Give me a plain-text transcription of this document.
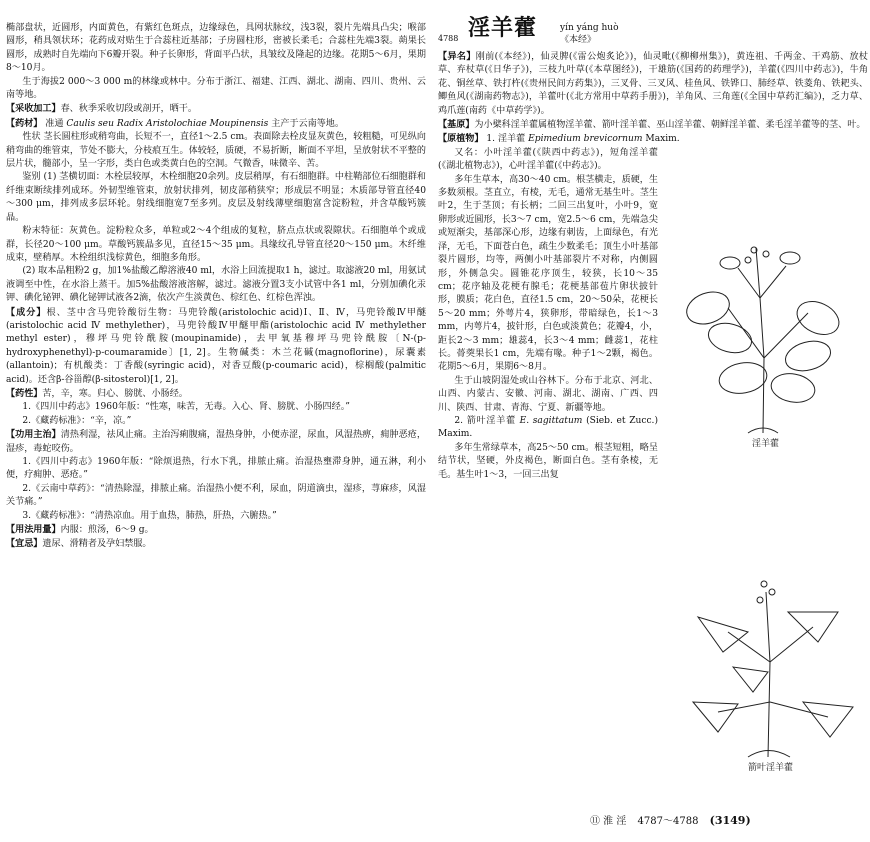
椭部盘状，近圆形，内面黄色，有紫红色斑点，边缘绿色，具网状脉纹，浅3裂，裂片先端具凸尖；喉部圆形，稍具领状环；花药成对贴生于合蕊柱近基部；子房圆柱形，密被长柔毛；合蕊柱先端3裂。蒴果长圆形，成熟时自先端向下6瓣开裂。种子长卵形，背面平凸状，具皱纹及隆起的边缘。花期5～6月，果期8～10月。

生于海拔2 000～3 000 m的林缘或林中。分布于浙江、福建、江西、湖北、湖南、四川、贵州、云南等地。

【采收加工】春、秋季采收切段或剖开，晒干。

【药材】 准通 Caulis seu Radix Aristolochiae Moupinensis 主产于云南等地。

性状 茎长圆柱形或稍弯曲，长短不一，直径1～2.5 cm。表面除去栓皮显灰黄色，较粗糙，可见纵向稍弯曲的维管束，节处不膨大，分枝痕互生。体较轻，质硬，不易折断，断面不平坦，呈放射状不平整的层片状，髓部小，呈一字形，类白色或类黄白色的空洞。气微香，味微辛、苦。

鉴别 (1) 茎横切面：木栓层较厚，木栓细胞20余列。皮层稍厚，有石细胞群。中柱鞘部位石细胞群和纤维束断续排列成环。外韧型维管束，放射状排列，韧皮部稍狭窄；形成层不明显；木质部导管直径40～300 μm，排列成多层环轮。射线细胞宽7至多列。皮层及射线薄壁细胞富含淀粉粒，并含草酸钙簇晶。

粉末特征：灰黄色。淀粉粒众多，单粒或2～4个组成的复粒，脐点点状或裂隙状。石细胞单个或成群，长径20～100 μm。草酸钙簇晶多见，直径15～35 μm。具缘纹孔导管直径20～150 μm。木纤维成束，壁稍厚。木栓组织浅棕黄色，细胞多角形。

(2) 取本品粗粉2 g，加1%盐酸乙醇溶液40 ml，水浴上回流提取1 h，滤过。取滤液20 ml，用氨试液调至中性，在水浴上蒸干。加5%盐酸溶液溶解，滤过。滤液分置3支小试管中各1 ml，分别加碘化汞钾、碘化铋钾、碘化铋钾试液各2滴，依次产生淡黄色、棕红色、红棕色浑浊。

【成分】根、茎中含马兜铃酸衍生物：马兜铃酸(aristolochic acid)Ⅰ、Ⅱ、Ⅳ，马兜铃酸Ⅳ甲醚(aristolochic acid Ⅳ methylether)，马兜铃酸Ⅳ甲醚甲酯(aristolochic acid Ⅳ methylether methyl ester)，穆坪马兜铃酰胺(moupinamide)，去甲氧基穆坪马兜铃酰胺〔N-(p-hydroxyphenethyl)-p-coumaramide〕[1, 2]。生物碱类：木兰花碱(magnoflorine)，尿囊素(allantoin)；有机酸类：丁香酸(syringic acid)，对香豆酸(p-coumaric acid)，棕榈酸(palmitic acid)。还含β-谷甾醇(β-sitosterol)[1, 2]。

【药性】苦，辛，寒。归心、膀胱、小肠经。

1.《四川中药志》1960年版：“性寒，味苦，无毒。入心、肾、膀胱、小肠四经。”

2.《藏药标准》：“辛，凉。”

【功用主治】清热利湿，祛风止痛。主治泻痢腹痛，湿热身肿，小便赤涩，尿血，风湿热痹，痈肿恶疮，湿疹，毒蛇咬伤。

1.《四川中药志》1960年版：“除烦退热，行水下乳，排脓止痛。治湿热壅滞身肿，通五淋，利小便，疗痈肿、恶疮。”

2.《云南中草药》：“清热除湿，排脓止痛。治湿热小便不利，尿血，阴道滴虫，湿疹，荨麻疹，风湿关节痛。”

3.《藏药标准》：“清热凉血。用于血热，肺热，肝热，六腑热。”

【用法用量】内服：煎汤，6～9 g。

【宜忌】遗尿、滑精者及孕妇禁服。

4788 淫羊藿	yín yáng huò
《本经》

【异名】刚前(《本经》)，仙灵脾(《雷公炮炙论》)，仙灵毗(《柳柳州集》)，黄连祖、千两金、干鸡筋、放杖草、弃杖草(《日华子》)，三枝九叶草(《本草图经》)，干雄筋(《国药的药理学》)，羊藿(《四川中药志》)，牛角花、铜丝草、铁打杵(《贵州民间方药集》)，三叉骨、三叉风、桂鱼风、铁铧口、肺经草、铁菱角、铁耙头、鲫鱼风(《湖南药物志》)，羊藿叶(《北方常用中草药手册》)，羊角风、三角莲(《全国中草药汇编》)，乏力草、鸡爪莲(南药《中草药学》)。

【基原】为小檗科淫羊藿属植物淫羊藿、箭叶淫羊藿、巫山淫羊藿、朝鲜淫羊藿、柔毛淫羊藿等的茎、叶。

【原植物】 1. 淫羊藿 Epimedium brevicornum Maxim.

又名：小叶淫羊藿(《陕西中药志》)，短角淫羊藿(《湖北植物志》)，心叶淫羊藿(《中药志》)。

多年生草本，高30～40 cm。根茎横走，质硬，生多数须根。茎直立，有棱，无毛，通常无基生叶。茎生叶2，生于茎顶；有长柄；二回三出复叶，小叶9，宽卵形或近圆形，长3～7 cm，宽2.5～6 cm，先端急尖或短渐尖，基部深心形，边缘有刺齿，上面绿色，有光泽，无毛，下面苍白色，疏生少数柔毛；顶生小叶基部裂片圆形，均等，两侧小叶基部裂片不对称，内侧圆形，外侧急尖。圆锥花序顶生，较狭，长10～35 cm；花序轴及花梗有腺毛；花梗基部苞片卵状披针形，膜质；花白色，直径1.5 cm，20～50朵，花梗长5～20 mm；外萼片4，狭卵形，带暗绿色，长1～3 mm，内萼片4，披针形，白色或淡黄色；花瓣4，小，距长2～3 mm；雄蕊4，长3～4 mm；雌蕊1，花柱长。蓇葖果长1 cm，先端有喙。种子1～2颗，褐色。花期5～6月，果期6～8月。

生于山坡阴湿处或山谷林下。分布于北京、河北、山西、内蒙古、安徽、河南、湖北、湖南、广西、四川、陕西、甘肃、青海、宁夏、新疆等地。

2. 箭叶淫羊藿 E. sagittatum (Sieb. et Zucc.) Maxim.

多年生常绿草本，高25～50 cm。根茎短粗，略呈结节状，坚硬，外皮褐色，断面白色。茎有条棱，无毛。基生叶1～3，一回三出复

淫羊藿
箭叶淫羊藿
⑪ 淮 淫 4787～4788 (3149)
